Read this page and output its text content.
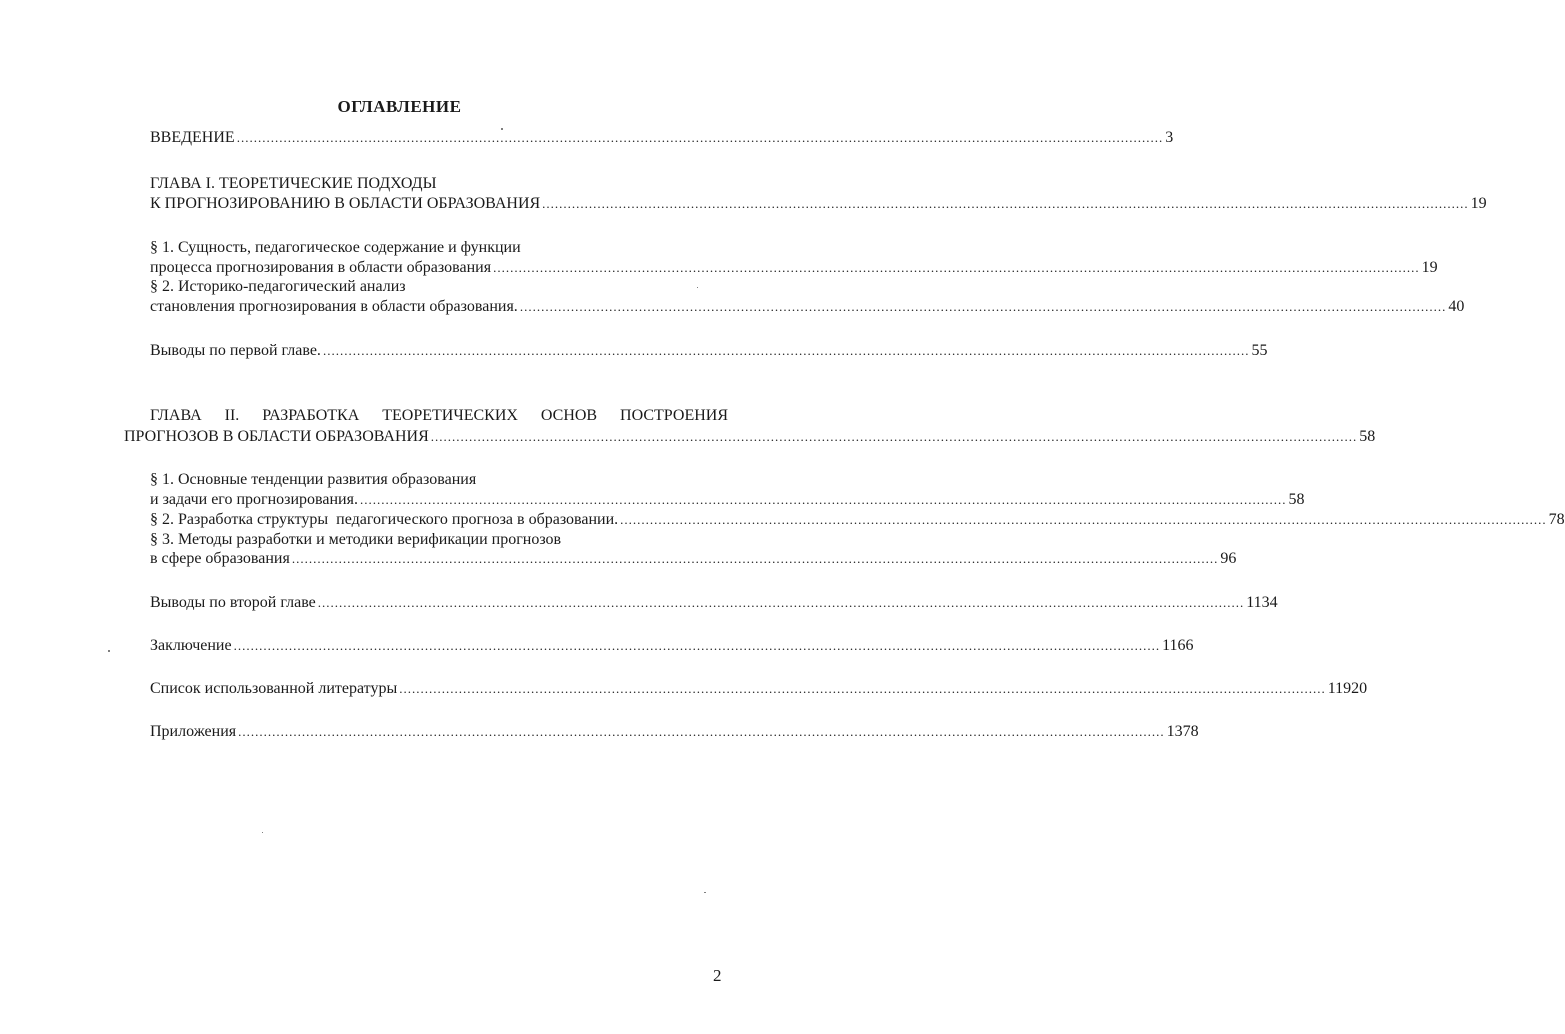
ОГЛАВЛЕНИЕ
ВВЕДЕНИЕ .......................................................................................................................................................................................................................... 3
ГЛАВА I. ТЕОРЕТИЧЕСКИЕ ПОДХОДЫ
К ПРОГНОЗИРОВАНИЮ В ОБЛАСТИ ОБРАЗОВАНИЯ .......................................................................................................................................................................................................................... 19
§ 1. Сущность, педагогическое содержание и функции
процесса прогнозирования в области образования .......................................................................................................................................................................................................................... 19
§ 2. Историко-педагогический анализ
становления прогнозирования в области образования. .......................................................................................................................................................................................................................... 40
Выводы по первой главе. .......................................................................................................................................................................................................................... 55
ГЛАВА II. РАЗРАБОТКА ТЕОРЕТИЧЕСКИХ ОСНОВ ПОСТРОЕНИЯ
ПРОГНОЗОВ В ОБЛАСТИ ОБРАЗОВАНИЯ .......................................................................................................................................................................................................................... 58
§ 1. Основные тенденции развития образования
и задачи его прогнозирования. .......................................................................................................................................................................................................................... 58
§ 2. Разработка структуры  педагогического прогноза в образовании. .......................................................................................................................................................................................................................... 78
§ 3. Методы разработки и методики верификации прогнозов
в сфере образования .......................................................................................................................................................................................................................... 96
Выводы по второй главе .......................................................................................................................................................................................................................... 1134
Заключение .......................................................................................................................................................................................................................... 1166
Список использованной литературы .......................................................................................................................................................................................................................... 11920
Приложения .......................................................................................................................................................................................................................... 1378
2
